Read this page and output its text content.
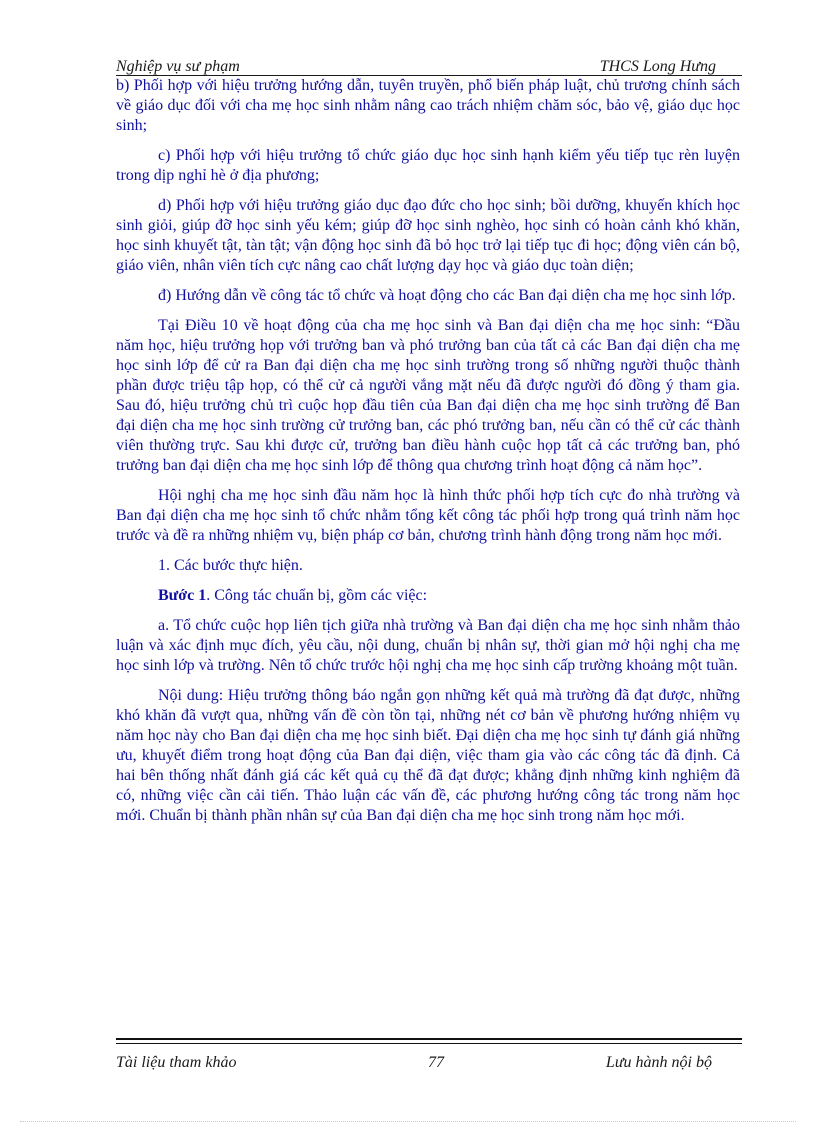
Nghiệp vụ sư phạm	THCS Long Hưng

b) Phối hợp với hiệu trưởng hướng dẫn, tuyên truyền, phổ biến pháp luật, chủ trương chính sách về giáo dục đối với cha mẹ học sinh nhằm nâng cao trách nhiệm chăm sóc, bảo vệ, giáo dục học sinh;

c) Phối hợp với hiệu trưởng tổ chức giáo dục học sinh hạnh kiểm yếu tiếp tục rèn luyện trong dịp nghỉ hè ở địa phương;

d) Phối hợp với hiệu trưởng giáo dục đạo đức cho học sinh; bồi dưỡng, khuyến khích học sinh giỏi, giúp đỡ học sinh yếu kém; giúp đỡ học sinh nghèo, học sinh có hoàn cảnh khó khăn, học sinh khuyết tật, tàn tật; vận động học sinh đã bỏ học trở lại tiếp tục đi học; động viên cán bộ, giáo viên, nhân viên tích cực nâng cao chất lượng dạy học và giáo dục toàn diện;

đ) Hướng dẫn về công tác tổ chức và hoạt động cho các Ban đại diện cha mẹ học sinh lớp.

Tại Điều 10 về hoạt động của cha mẹ học sinh và Ban đại diện cha mẹ học sinh: “Đầu năm học, hiệu trưởng họp với trưởng ban và phó trưởng ban của tất cả các Ban đại diện cha mẹ học sinh lớp để cử ra Ban đại diện cha mẹ học sinh trường trong số những người thuộc thành phần được triệu tập họp, có thể cử cả người vắng mặt nếu đã được người đó đồng ý tham gia. Sau đó, hiệu trưởng chủ trì cuộc họp đầu tiên của Ban đại diện cha mẹ học sinh trường để Ban đại diện cha mẹ học sinh trường cử trưởng ban, các phó trưởng ban, nếu cần có thể cử các thành viên thường trực. Sau khi được cử, trưởng ban điều hành cuộc họp tất cả các trưởng ban, phó trưởng ban đại diện cha mẹ học sinh lớp để thông qua chương trình hoạt động cả năm học”.

Hội nghị cha mẹ học sinh đầu năm học là hình thức phối hợp tích cực đo nhà trường và Ban đại diện cha mẹ học sinh tổ chức nhằm tổng kết công tác phối hợp trong quá trình năm học trước và đề ra những nhiệm vụ, biện pháp cơ bản, chương trình hành động trong năm học mới.

1. Các bước thực hiện.

Bước 1. Công tác chuẩn bị, gồm các việc:

a. Tổ chức cuộc họp liên tịch giữa nhà trường và Ban đại diện cha mẹ học sinh nhằm thảo luận và xác định mục đích, yêu cầu, nội dung, chuẩn bị nhân sự, thời gian mở hội nghị cha mẹ học sinh lớp và trường. Nên tổ chức trước hội nghị cha mẹ học sinh cấp trường khoảng một tuần.

Nội dung: Hiệu trưởng thông báo ngắn gọn những kết quả mà trường đã đạt được, những khó khăn đã vượt qua, những vấn đề còn tồn tại, những nét cơ bản về phương hướng nhiệm vụ năm học này cho Ban đại diện cha mẹ học sinh biết. Đại diện cha mẹ học sinh tự đánh giá những ưu, khuyết điểm trong hoạt động của Ban đại diện, việc tham gia vào các công tác đã định. Cả hai bên thống nhất đánh giá các kết quả cụ thể đã đạt được; khẳng định những kinh nghiệm đã có, những việc cần cải tiến. Thảo luận các vấn đề, các phương hướng công tác trong năm học mới. Chuẩn bị thành phần nhân sự của Ban đại diện cha mẹ học sinh trong năm học mới.

Tài liệu tham khảo	77	Lưu hành nội bộ
